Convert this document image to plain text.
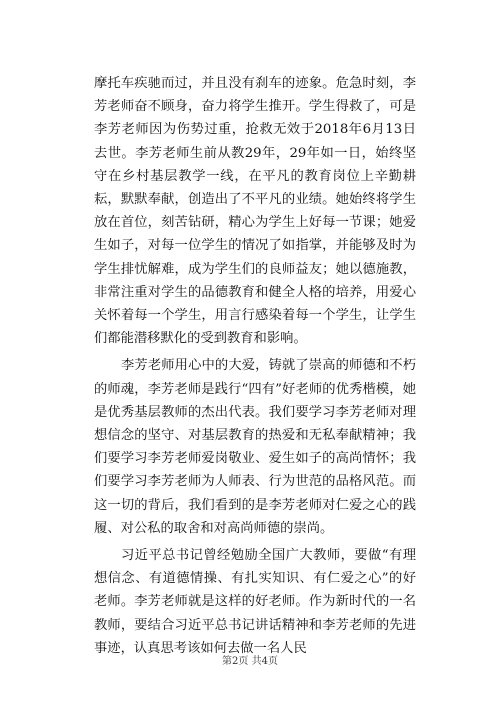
摩托车疾驰而过，并且没有刹车的迹象。危急时刻，李芳老师奋不顾身，奋力将学生推开。学生得救了，可是李芳老师因为伤势过重，抢救无效于2018年6月13日去世。李芳老师生前从教29年，29年如一日，始终坚守在乡村基层教学一线，在平凡的教育岗位上辛勤耕耘，默默奉献，创造出了不平凡的业绩。她始终将学生放在首位，刻苦钻研，精心为学生上好每一节课；她爱生如子，对每一位学生的情况了如指掌，并能够及时为学生排忧解难，成为学生们的良师益友；她以德施教，非常注重对学生的品德教育和健全人格的培养，用爱心关怀着每一个学生，用言行感染着每一个学生，让学生们都能潜移默化的受到教育和影响。

李芳老师用心中的大爱，铸就了崇高的师德和不朽的师魂，李芳老师是践行“四有”好老师的优秀楷模，她是优秀基层教师的杰出代表。我们要学习李芳老师对理想信念的坚守、对基层教育的热爱和无私奉献精神；我们要学习李芳老师爱岗敬业、爱生如子的高尚情怀；我们要学习李芳老师为人师表、行为世范的品格风范。而这一切的背后，我们看到的是李芳老师对仁爱之心的践履、对公私的取舍和对高尚师德的崇尚。

习近平总书记曾经勉励全国广大教师，要做“有理想信念、有道德情操、有扎实知识、有仁爱之心”的好老师。李芳老师就是这样的好老师。作为新时代的一名教师，要结合习近平总书记讲话精神和李芳老师的先进事迹，认真思考该如何去做一名人民

第2页 共4页
